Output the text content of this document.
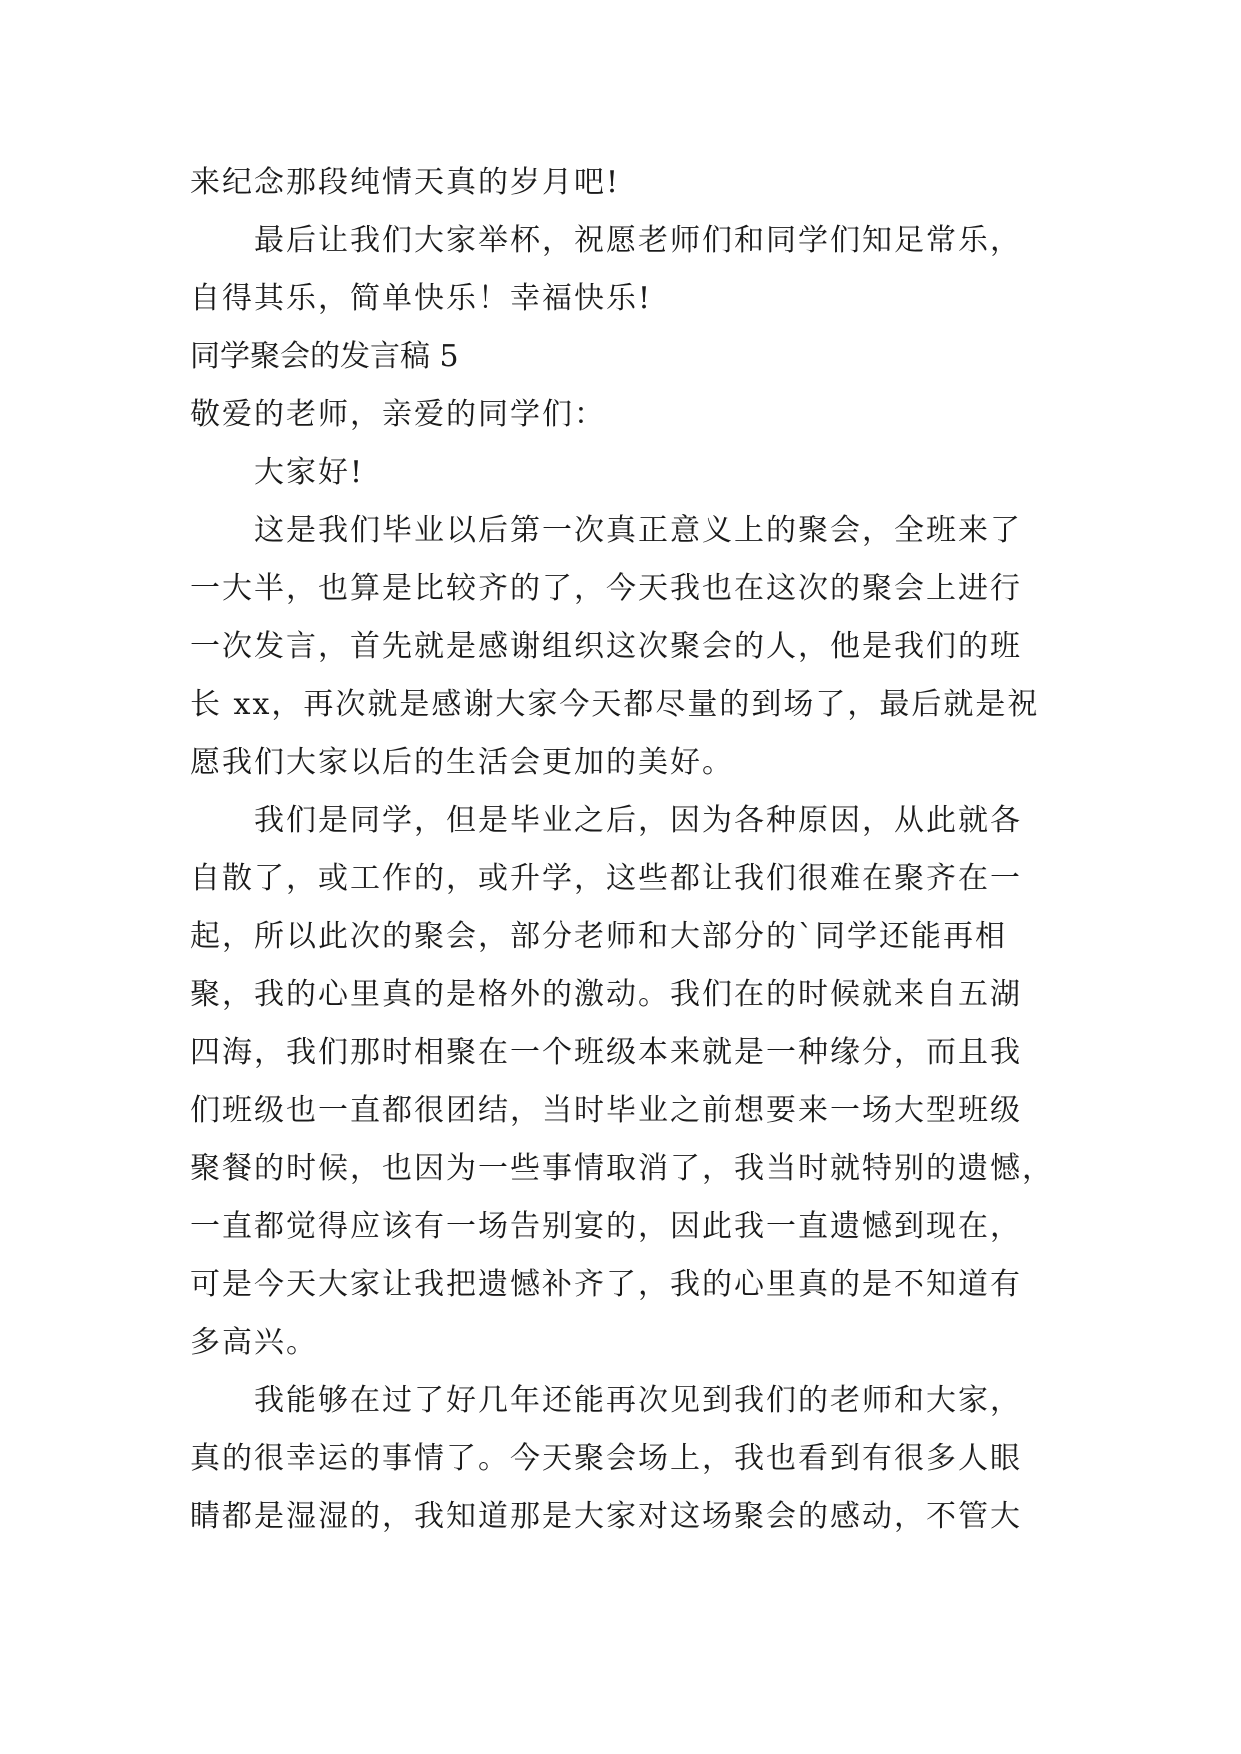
来纪念那段纯情天真的岁月吧!
最后让我们大家举杯，祝愿老师们和同学们知足常乐，
自得其乐，简单快乐！幸福快乐!
同学聚会的发言稿 5
敬爱的老师，亲爱的同学们：
大家好!
这是我们毕业以后第一次真正意义上的聚会，全班来了
一大半，也算是比较齐的了，今天我也在这次的聚会上进行
一次发言，首先就是感谢组织这次聚会的人，他是我们的班
长 xx，再次就是感谢大家今天都尽量的到场了，最后就是祝
愿我们大家以后的生活会更加的美好。
我们是同学，但是毕业之后，因为各种原因，从此就各
自散了，或工作的，或升学，这些都让我们很难在聚齐在一
起，所以此次的聚会，部分老师和大部分的`同学还能再相
聚，我的心里真的是格外的激动。我们在的时候就来自五湖
四海，我们那时相聚在一个班级本来就是一种缘分，而且我
们班级也一直都很团结，当时毕业之前想要来一场大型班级
聚餐的时候，也因为一些事情取消了，我当时就特别的遗憾，
一直都觉得应该有一场告别宴的，因此我一直遗憾到现在，
可是今天大家让我把遗憾补齐了，我的心里真的是不知道有
多高兴。
我能够在过了好几年还能再次见到我们的老师和大家，
真的很幸运的事情了。今天聚会场上，我也看到有很多人眼
睛都是湿湿的，我知道那是大家对这场聚会的感动，不管大
